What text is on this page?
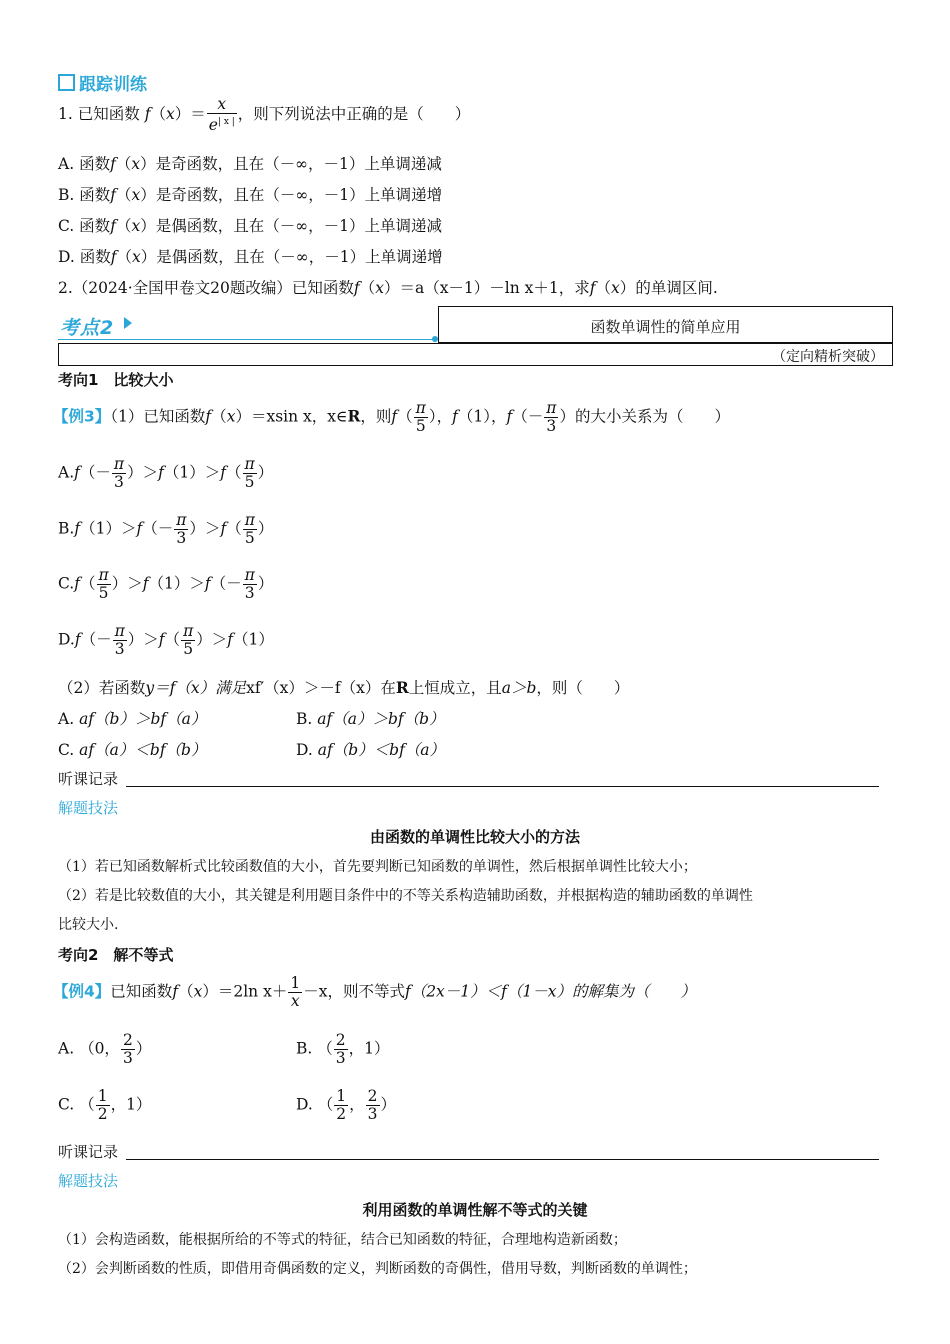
跟踪训练
1. 已知函数 $f(x)= \frac{x}{e^{| x |}}$ ，则下列说法中正确的是（　　）
A. 函数f（x）是奇函数，且在（－∞，－1）上单调递减
B. 函数f（x）是奇函数，且在（－∞，－1）上单调递增
C. 函数f（x）是偶函数，且在（－∞，－1）上单调递减
D. 函数f（x）是偶函数，且在（－∞，－1）上单调递增
2.（2024·全国甲卷文20题改编）已知函数f（x）＝a（x－1）－ln x＋1，求f（x）的单调区间.
考点2	函数单调性的简单应用
（定向精析突破）
考向1　比较大小
【例3】（1）已知函数f（x）＝xsin x，x∈R，则$f( \frac{\pi}{5}$ ），f（1），$f(- \frac{\pi}{3}$ ）的大小关系为（　　）
$A.f(- \frac{\pi}{3} )>f(1)>f( \frac{\pi}{5}$ ）
$B.f(1)>f(- \frac{\pi}{3} )>f( \frac{\pi}{5}$ ）
$C.f( \frac{\pi}{5} )>f(1)>f(- \frac{\pi}{3}$ ）
$D.f(- \frac{\pi}{3} )>f( \frac{\pi}{5} )>f(1)$
（2）若函数y＝f（x）满足xf′（x）＞－f（x）在R上恒成立，且a＞b，则（　　）
A. af（b）＞bf（a）	B. af（a）＞bf（b）
C. af（a）＜bf（b）	D. af（b）＜bf（a）
听课记录
解题技法
由函数的单调性比较大小的方法
（1）若已知函数解析式比较函数值的大小，首先要判断已知函数的单调性，然后根据单调性比较大小；
（2）若是比较数值的大小，其关键是利用题目条件中的不等关系构造辅助函数，并根据构造的辅助函数的单调性
比较大小.
考向2　解不等式
【例4】已知函数f（x）＝2ln $x+ \frac{1}{x} -x$，则不等式f（2x－1）＜f（1－x）的解集为（　　）
A. （0， $\frac{2}{3}$ ）	B. （ $\frac{2}{3}$ ，1）
C. （ $\frac{1}{2}$ ，1）	D. （ $\frac{1}{2}$ ， $\frac{2}{3}$ ）
听课记录
解题技法
利用函数的单调性解不等式的关键
（1）会构造函数，能根据所给的不等式的特征，结合已知函数的特征，合理地构造新函数；
（2）会判断函数的性质，即借用奇偶函数的定义，判断函数的奇偶性，借用导数，判断函数的单调性；
